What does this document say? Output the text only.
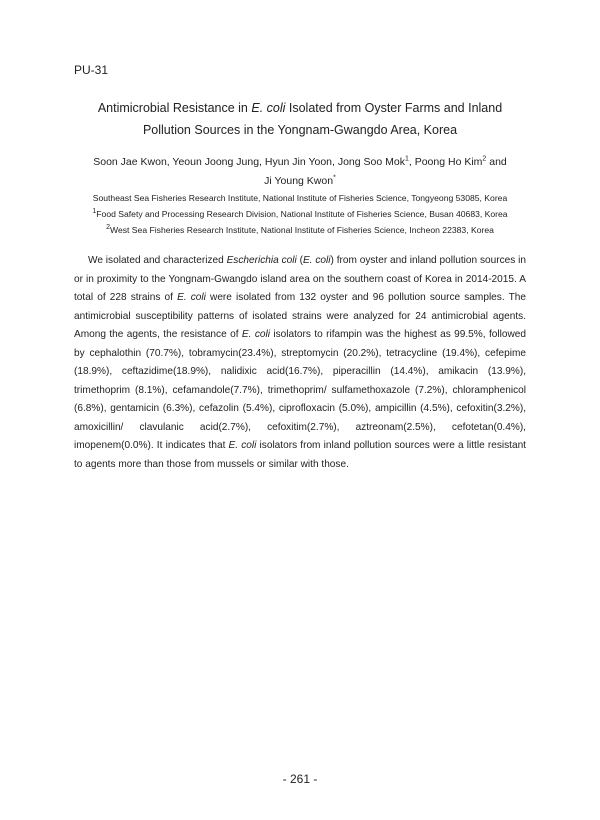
PU-31
Antimicrobial Resistance in E. coli Isolated from Oyster Farms and Inland
Pollution Sources in the Yongnam-Gwangdo Area, Korea
Soon Jae Kwon, Yeoun Joong Jung, Hyun Jin Yoon, Jong Soo Mok$^1$, Poong Ho Kim$^2$ and
Ji Young Kwon*
Southeast Sea Fisheries Research Institute, National Institute of Fisheries Science, Tongyeong 53085, Korea
$^1$Food Safety and Processing Research Division, National Institute of Fisheries Science, Busan 40683, Korea
$^2$West Sea Fisheries Research Institute, National Institute of Fisheries Science, Incheon 22383, Korea
We isolated and characterized Escherichia coli (E. coli) from oyster and inland pollution sources in or in proximity to the Yongnam-Gwangdo island area on the southern coast of Korea in 2014-2015. A total of 228 strains of E. coli were isolated from 132 oyster and 96 pollution source samples. The antimicrobial susceptibility patterns of isolated strains were analyzed for 24 antimicrobial agents. Among the agents, the resistance of E. coli isolators to rifampin was the highest as 99.5%, followed by cephalothin (70.7%), tobramycin(23.4%), streptomycin (20.2%), tetracycline (19.4%), cefepime (18.9%), ceftazidime(18.9%), nalidixic acid(16.7%), piperacillin (14.4%), amikacin (13.9%), trimethoprim (8.1%), cefamandole(7.7%), trimethoprim/ sulfamethoxazole (7.2%), chloramphenicol (6.8%), gentamicin (6.3%), cefazolin (5.4%), ciprofloxacin (5.0%), ampicillin (4.5%), cefoxitin(3.2%), amoxicillin/ clavulanic acid(2.7%), cefoxitim(2.7%), aztreonam(2.5%), cefotetan(0.4%), imopenem(0.0%). It indicates that E. coli isolators from inland pollution sources were a little resistant to agents more than those from mussels or similar with those.
- 261 -
